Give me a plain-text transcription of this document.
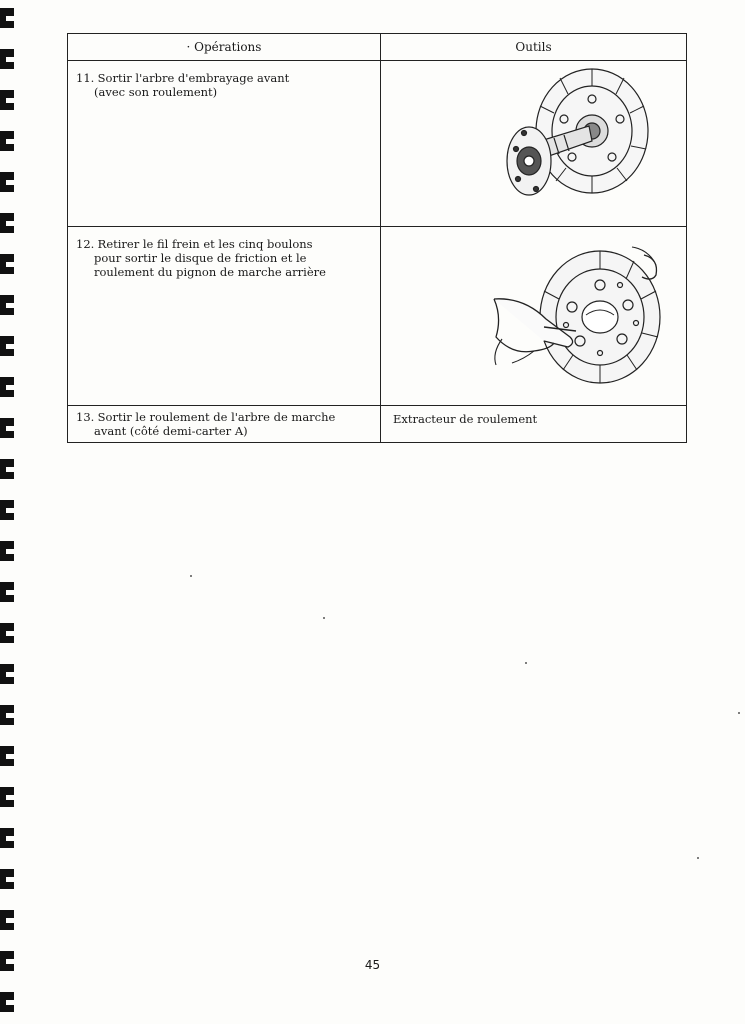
· Opérations	Outils

11. Sortir l'arbre d'embrayage avant
(avec son roulement)

12. Retirer le fil frein et les cinq boulons
pour sortir le disque de friction et le
roulement du pignon de marche arrière

13. Sortir le roulement de l'arbre de marche
avant (côté demi-carter A)	Extracteur de roulement
45
